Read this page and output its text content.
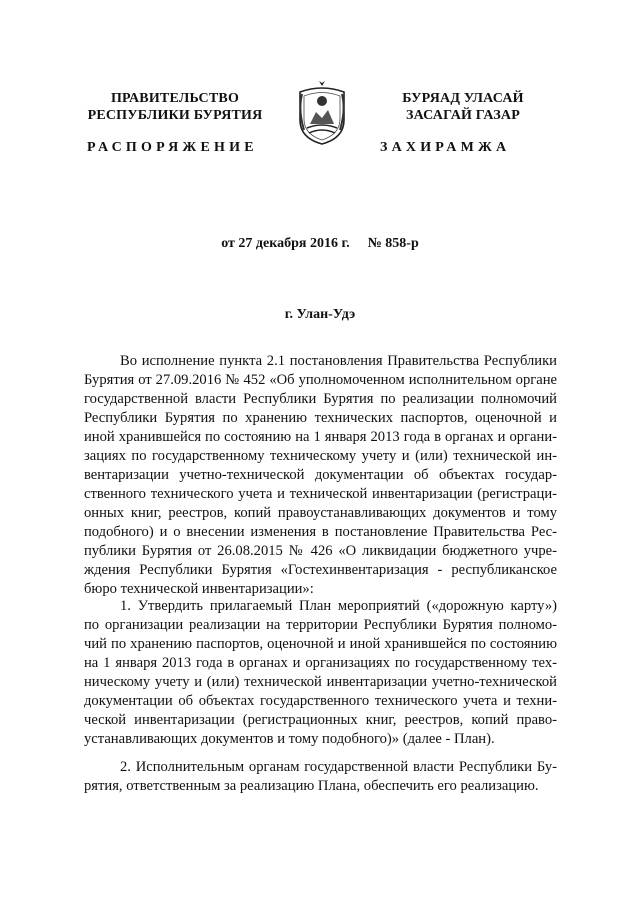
ПРАВИТЕЛЬСТВО
РЕСПУБЛИКИ БУРЯТИЯ
БУРЯАД УЛАСАЙ
ЗАСАГАЙ ГАЗАР
РАСПОРЯЖЕНИЕ	ЗАХИРАМЖА
от 27 декабря 2016 г. № 858-р
г. Улан-Удэ
Во исполнение пункта 2.1 постановления Правительства Республики
Бурятия от 27.09.2016 № 452 «Об уполномоченном исполнительном органе
государственной власти Республики Бурятия по реализации полномочий
Республики Бурятия по хранению технических паспортов, оценочной и
иной хранившейся по состоянию на 1 января 2013 года в органах и органи-
зациях по государственному техническому учету и (или) технической ин-
вентаризации учетно-технической документации об объектах государ-
ственного технического учета и технической инвентаризации (регистраци-
онных книг, реестров, копий правоустанавливающих документов и тому
подобного) и о внесении изменения в постановление Правительства Рес-
публики Бурятия от 26.08.2015 № 426 «О ликвидации бюджетного учре-
ждения Республики Бурятия «Гостехинвентаризация - республиканское
бюро технической инвентаризации»:
1. Утвердить прилагаемый План мероприятий («дорожную карту»)
по организации реализации на территории Республики Бурятия полномо-
чий по хранению паспортов, оценочной и иной хранившейся по состоянию
на 1 января 2013 года в органах и организациях по государственному тех-
ническому учету и (или) технической инвентаризации учетно-технической
документации об объектах государственного технического учета и техни-
ческой инвентаризации (регистрационных книг, реестров, копий право-
устанавливающих документов и тому подобного)» (далее - План).
2. Исполнительным органам государственной власти Республики Бу-
рятия, ответственным за реализацию Плана, обеспечить его реализацию.
